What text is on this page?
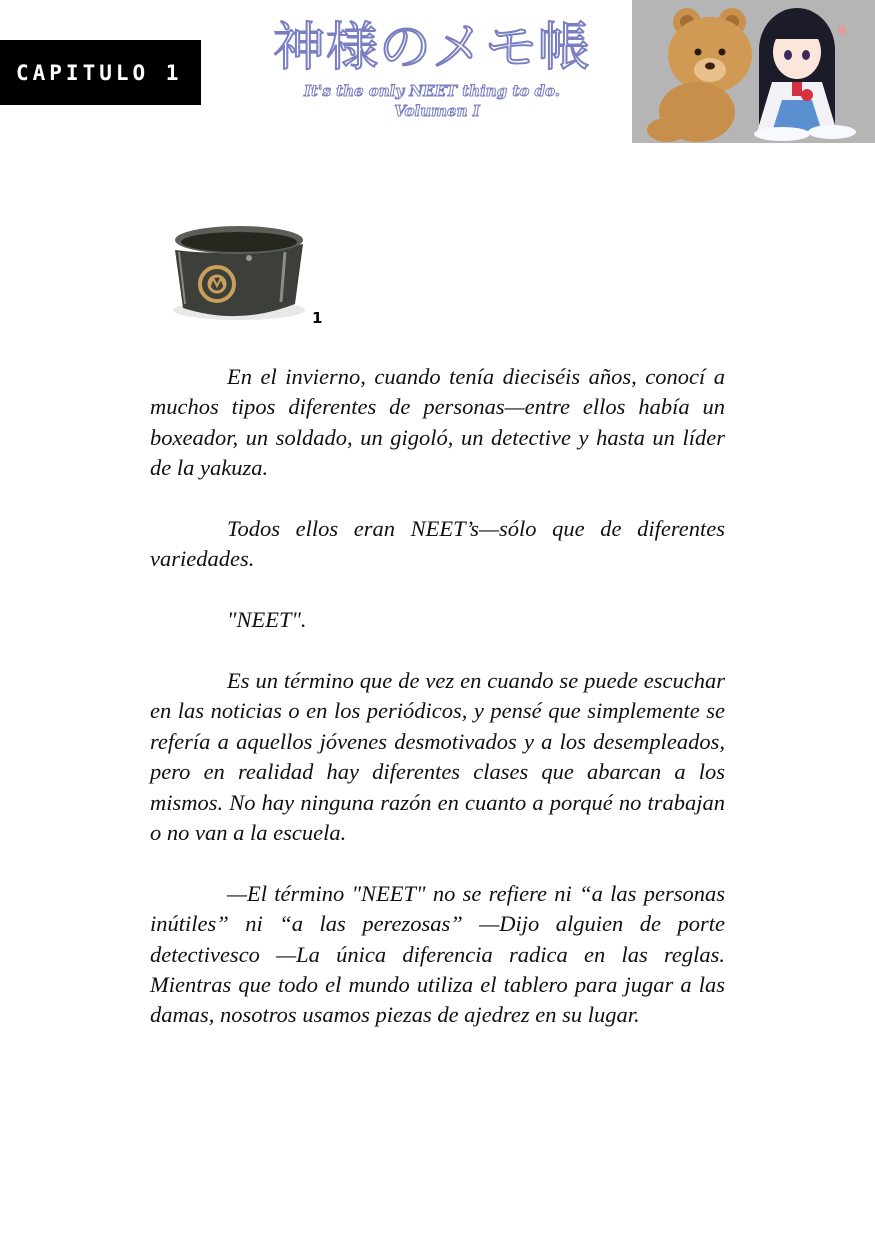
CAPITULO 1 神様のメモ帳
It's the only NEET thing to do.
Volumen I
1

En el invierno, cuando tenía dieciséis años, conocí a muchos tipos diferentes de personas—entre ellos había un boxeador, un soldado, un gigoló, un detective y hasta un líder de la yakuza.

Todos ellos eran NEET’s—sólo que de diferentes variedades.

"NEET".

Es un término que de vez en cuando se puede escuchar en las noticias o en los periódicos, y pensé que simplemente se refería a aquellos jóvenes desmotivados y a los desempleados, pero en realidad hay diferentes clases que abarcan a los mismos. No hay ninguna razón en cuanto a porqué no trabajan o no van a la escuela.

—El término "NEET" no se refiere ni “a las personas inútiles” ni “a las perezosas” —Dijo alguien de porte detectivesco —La única diferencia radica en las reglas. Mientras que todo el mundo utiliza el tablero para jugar a las damas, nosotros usamos piezas de ajedrez en su lugar.
